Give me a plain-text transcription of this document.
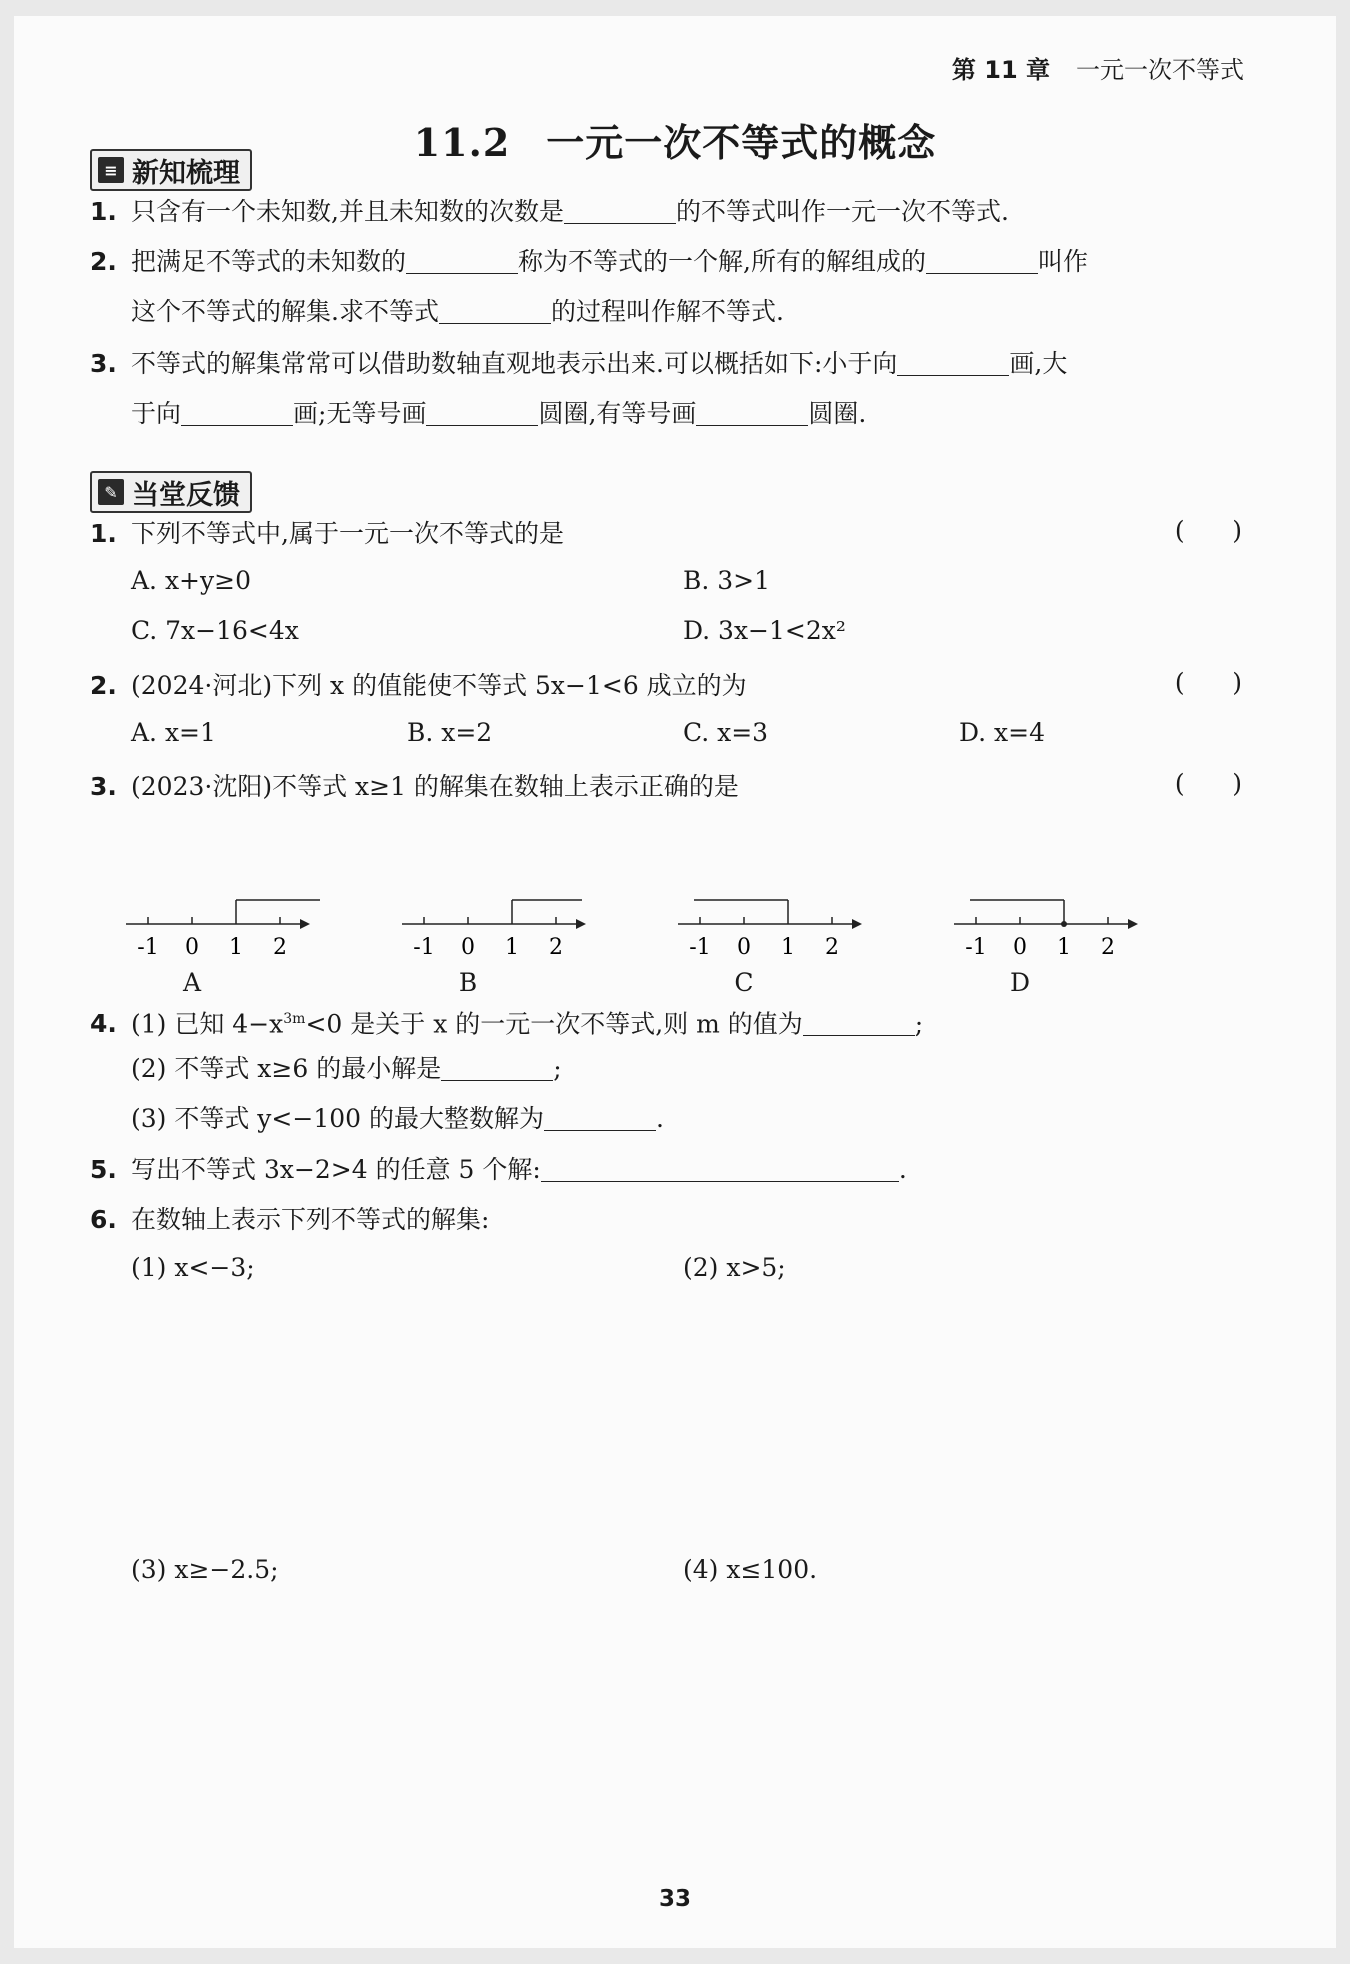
第 11 章 一元一次不等式
11.2 一元一次不等式的概念
≡ 新知梳理
1. 只含有一个未知数,并且未知数的次数是	的不等式叫作一元一次不等式.
2. 把满足不等式的未知数的	称为不等式的一个解,所有的解组成的	叫作
这个不等式的解集.求不等式	的过程叫作解不等式.
3. 不等式的解集常常可以借助数轴直观地表示出来.可以概括如下:小于向	画,大
于向	画;无等号画	圆圈,有等号画	圆圈.
✎ 当堂反馈
1. 下列不等式中,属于一元一次不等式的是	(      )
A. x+y≥0	B. 3>1
C. 7x−16<4x	D. 3x−1<2x²
2. (2024·河北)下列 x 的值能使不等式 5x−1<6 成立的为	(      )
A. x=1	B. x=2	C. x=3	D. x=4
3. (2023·沈阳)不等式 x≥1 的解集在数轴上表示正确的是	(      )
-1 0 1 2
A
-1 0 1 2
B
-1 0 1 2
C
-1 0 1 2
D
4. (1) 已知 $4-x^{3m}<0$ 是关于 x 的一元一次不等式,则 m 的值为	;
(2) 不等式 x≥6 的最小解是	;
(3) 不等式 y<−100 的最大整数解为	.
5. 写出不等式 3x−2>4 的任意 5 个解:	.
6. 在数轴上表示下列不等式的解集:
(1) x<−3;	(2) x>5;
(3) x≥−2.5;	(4) x≤100.
33
